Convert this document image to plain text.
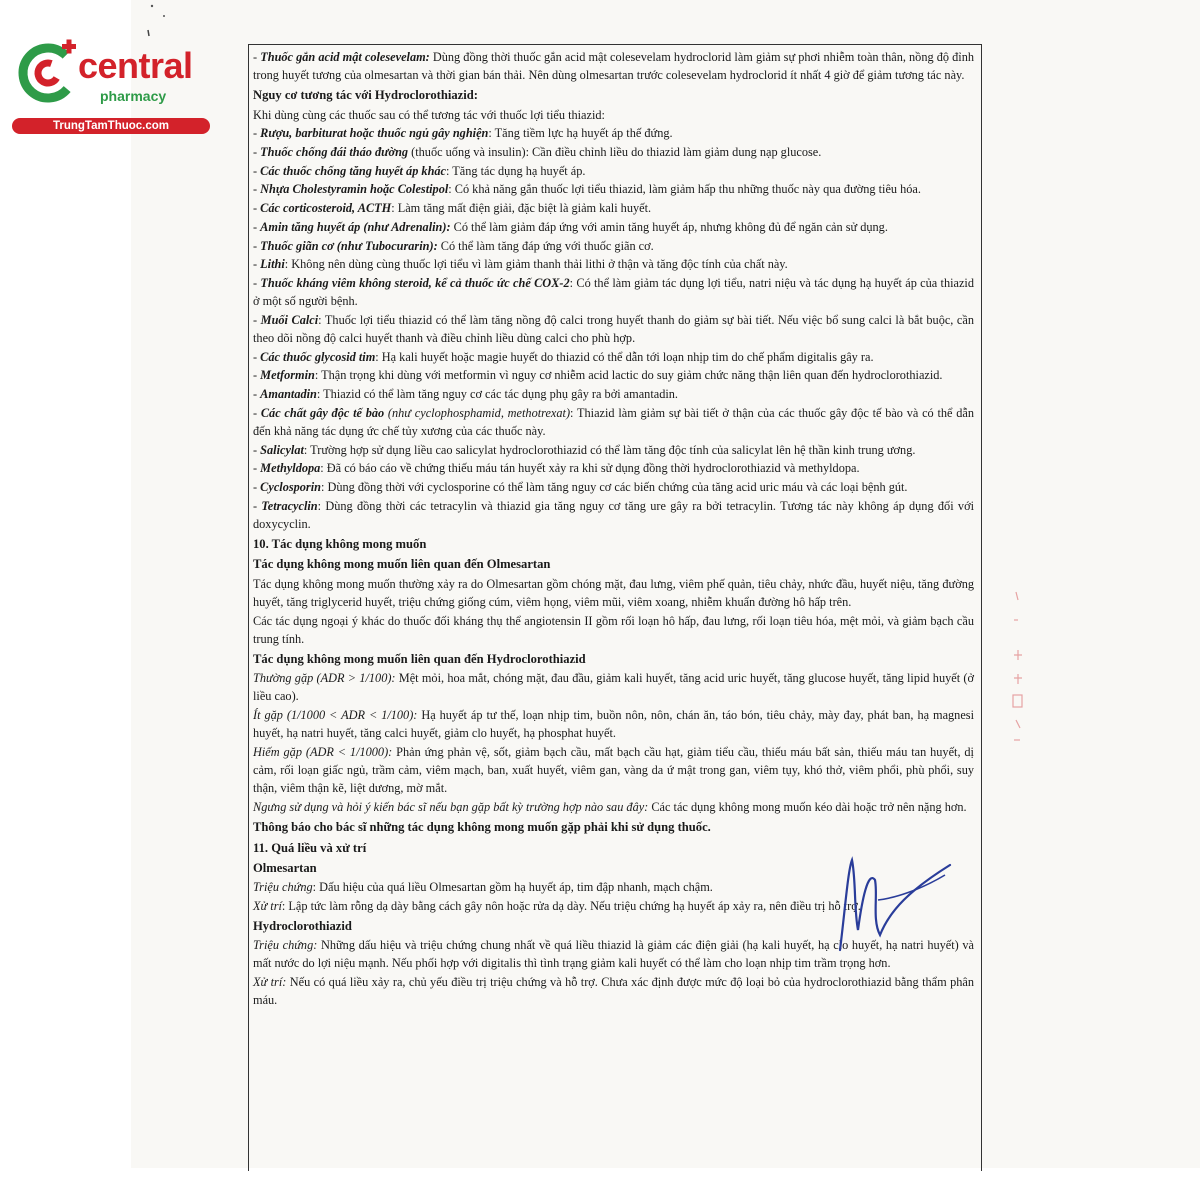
central
pharmacy
TrungTamThuoc.com

- Thuốc gắn acid mật colesevelam: Dùng đồng thời thuốc gắn acid mật colesevelam hydroclorid làm giảm sự phơi nhiễm toàn thân, nồng độ đỉnh trong huyết tương của olmesartan và thời gian bán thải. Nên dùng olmesartan trước colesevelam hydroclorid ít nhất 4 giờ để giảm tương tác này.

Nguy cơ tương tác với Hydroclorothiazid:

Khi dùng cùng các thuốc sau có thể tương tác với thuốc lợi tiểu thiazid:

- Rượu, barbiturat hoặc thuốc ngủ gây nghiện: Tăng tiềm lực hạ huyết áp thế đứng.

- Thuốc chống đái tháo đường (thuốc uống và insulin): Cần điều chỉnh liều do thiazid làm giảm dung nạp glucose.

- Các thuốc chống tăng huyết áp khác: Tăng tác dụng hạ huyết áp.

- Nhựa Cholestyramin hoặc Colestipol: Có khả năng gắn thuốc lợi tiểu thiazid, làm giảm hấp thu những thuốc này qua đường tiêu hóa.

- Các corticosteroid, ACTH: Làm tăng mất điện giải, đặc biệt là giảm kali huyết.

- Amin tăng huyết áp (như Adrenalin): Có thể làm giảm đáp ứng với amin tăng huyết áp, nhưng không đủ để ngăn cản sử dụng.

- Thuốc giãn cơ (như Tubocurarin): Có thể làm tăng đáp ứng với thuốc giãn cơ.

- Lithi: Không nên dùng cùng thuốc lợi tiểu vì làm giảm thanh thải lithi ở thận và tăng độc tính của chất này.

- Thuốc kháng viêm không steroid, kể cả thuốc ức chế COX-2: Có thể làm giảm tác dụng lợi tiểu, natri niệu và tác dụng hạ huyết áp của thiazid ở một số người bệnh.

- Muối Calci: Thuốc lợi tiểu thiazid có thể làm tăng nồng độ calci trong huyết thanh do giảm sự bài tiết. Nếu việc bổ sung calci là bắt buộc, cần theo dõi nồng độ calci huyết thanh và điều chỉnh liều dùng calci cho phù hợp.

- Các thuốc glycosid tim: Hạ kali huyết hoặc magie huyết do thiazid có thể dẫn tới loạn nhịp tim do chế phẩm digitalis gây ra.

- Metformin: Thận trọng khi dùng với metformin vì nguy cơ nhiễm acid lactic do suy giảm chức năng thận liên quan đến hydroclorothiazid.

- Amantadin: Thiazid có thể làm tăng nguy cơ các tác dụng phụ gây ra bởi amantadin.

- Các chất gây độc tế bào (như cyclophosphamid, methotrexat): Thiazid làm giảm sự bài tiết ở thận của các thuốc gây độc tế bào và có thể dẫn đến khả năng tác dụng ức chế tủy xương của các thuốc này.

- Salicylat: Trường hợp sử dụng liều cao salicylat hydroclorothiazid có thể làm tăng độc tính của salicylat lên hệ thần kinh trung ương.

- Methyldopa: Đã có báo cáo về chứng thiếu máu tán huyết xảy ra khi sử dụng đồng thời hydroclorothiazid và methyldopa.

- Cyclosporin: Dùng đồng thời với cyclosporine có thể làm tăng nguy cơ các biến chứng của tăng acid uric máu và các loại bệnh gút.

- Tetracyclin: Dùng đồng thời các tetracylin và thiazid gia tăng nguy cơ tăng ure gây ra bởi tetracylin. Tương tác này không áp dụng đối với doxycyclin.

10. Tác dụng không mong muốn

Tác dụng không mong muốn liên quan đến Olmesartan

Tác dụng không mong muốn thường xảy ra do Olmesartan gồm chóng mặt, đau lưng, viêm phế quản, tiêu chảy, nhức đầu, huyết niệu, tăng đường huyết, tăng triglycerid huyết, triệu chứng giống cúm, viêm họng, viêm mũi, viêm xoang, nhiễm khuẩn đường hô hấp trên.

Các tác dụng ngoại ý khác do thuốc đối kháng thụ thể angiotensin II gồm rối loạn hô hấp, đau lưng, rối loạn tiêu hóa, mệt mỏi, và giảm bạch cầu trung tính.

Tác dụng không mong muốn liên quan đến Hydroclorothiazid

Thường gặp (ADR > 1/100): Mệt mỏi, hoa mắt, chóng mặt, đau đầu, giảm kali huyết, tăng acid uric huyết, tăng glucose huyết, tăng lipid huyết (ở liều cao).

Ít gặp (1/1000 < ADR < 1/100): Hạ huyết áp tư thế, loạn nhịp tim, buồn nôn, nôn, chán ăn, táo bón, tiêu chảy, mày đay, phát ban, hạ magnesi huyết, hạ natri huyết, tăng calci huyết, giảm clo huyết, hạ phosphat huyết.

Hiếm gặp (ADR < 1/1000): Phản ứng phản vệ, sốt, giảm bạch cầu, mất bạch cầu hạt, giảm tiểu cầu, thiếu máu bất sản, thiếu máu tan huyết, dị cảm, rối loạn giấc ngủ, trầm cảm, viêm mạch, ban, xuất huyết, viêm gan, vàng da ứ mật trong gan, viêm tụy, khó thở, viêm phổi, phù phổi, suy thận, viêm thận kẽ, liệt dương, mờ mắt.

Ngưng sử dụng và hỏi ý kiến bác sĩ nếu bạn gặp bất kỳ trường hợp nào sau đây: Các tác dụng không mong muốn kéo dài hoặc trở nên nặng hơn.

Thông báo cho bác sĩ những tác dụng không mong muốn gặp phải khi sử dụng thuốc.

11. Quá liều và xử trí

Olmesartan

Triệu chứng: Dấu hiệu của quá liều Olmesartan gồm hạ huyết áp, tim đập nhanh, mạch chậm.

Xử trí: Lập tức làm rỗng dạ dày bằng cách gây nôn hoặc rửa dạ dày. Nếu triệu chứng hạ huyết áp xảy ra, nên điều trị hỗ trợ.

Hydroclorothiazid

Triệu chứng: Những dấu hiệu và triệu chứng chung nhất về quá liều thiazid là giảm các điện giải (hạ kali huyết, hạ clo huyết, hạ natri huyết) và mất nước do lợi niệu mạnh. Nếu phối hợp với digitalis thì tình trạng giảm kali huyết có thể làm cho loạn nhịp tim trầm trọng hơn.

Xử trí: Nếu có quá liều xảy ra, chủ yếu điều trị triệu chứng và hỗ trợ. Chưa xác định được mức độ loại bỏ của hydroclorothiazid bằng thẩm phân máu.
